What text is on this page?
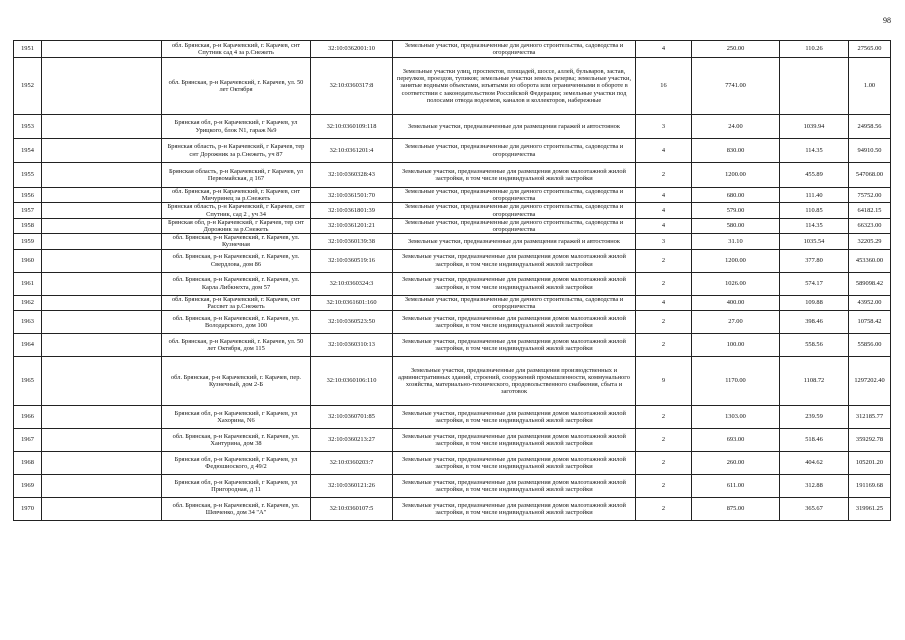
98
1951		обл. Брянская, р-н Карачевский, г. Карачев, снт Спутник сад 4 за р.Снежеть	32:10:0362001:10	Земельные участки, предназначенные для дачного строительства, садоводства и огородничества	4	250.00	110.26	27565.00
1952		обл. Брянская, р-н Карачевский, г. Карачев, ул. 50 лет Октября	32:10:0360317:8	Земельные участки улиц, проспектов, площадей, шоссе, аллей, бульваров, застав, переулков, проездов, тупиков; земельные участки земель резерва; земельные участки, занятые водными объектами, изъятыми из оборота или ограниченными в обороте в соответствии с законодательством Российской Федерации; земельные участки под полосами отвода водоемов, каналов и коллекторов, набережные	16	7741.00		1.00
1953		Брянская обл, р-н Карачевский, г Карачев, ул Урицкого, блок N1, гараж №9	32:10:0360109:118	Земельные участки, предназначенные для размещения гаражей и автостоянок	3	24.00	1039.94	24958.56
1954		Брянская область, р-н Карачевский, г Карачев, тер снт Дорожник за р.Снежеть, уч 87	32:10:0361201:4	Земельные участки, предназначенные для дачного строительства, садоводства и огородничества	4	830.00	114.35	94910.50
1955		Брянская область, р-н Карачевский, г Карачев, ул Первомайская, д 167	32:10:0360328:43	Земельные участки, предназначенные для размещения домов малоэтажной жилой застройки, в том числе индивидуальной жилой застройки	2	1200.00	455.89	547068.00
1956		обл. Брянская, р-н Карачевский, г. Карачев, снт Мичуринец за р.Снежеть	32:10:0361501:70	Земельные участки, предназначенные для дачного строительства, садоводства и огородничества	4	680.00	111.40	75752.00
1957		Брянская область, р-н Карачевский, г Карачев, снт Спутник, сад 2 , уч 34	32:10:0361801:39	Земельные участки, предназначенные для дачного строительства, садоводства и огородничества	4	579.00	110.85	64182.15
1958		Брянская обл, р-н Карачевский, г Карачев, тер снт Дорожник за р.Снежеть	32:10:0361201:21	Земельные участки, предназначенные для дачного строительства, садоводства и огородничества	4	580.00	114.35	66323.00
1959		обл. Брянская, р-н Карачевский, г. Карачев, ул. Кузнечная	32:10:0360139:38	Земельные участки, предназначенные для размещения гаражей и автостоянок	3	31.10	1035.54	32205.29
1960		обл. Брянская, р-н Карачевский, г. Карачев, ул. Свердлова, дом 86	32:10:0360519:16	Земельные участки, предназначенные для размещения домов малоэтажной жилой застройки, в том числе индивидуальной жилой застройки	2	1200.00	377.80	453360.00
1961		обл. Брянская, р-н Карачевский, г. Карачев, ул. Карла Либкнехта, дом 57	32:10:0360324:3	Земельные участки, предназначенные для размещения домов малоэтажной жилой застройки, в том числе индивидуальной жилой застройки	2	1026.00	574.17	589098.42
1962		обл. Брянская, р-н Карачевский, г. Карачев, снт Рассвет за р.Снежеть	32:10:0361601:160	Земельные участки, предназначенные для дачного строительства, садоводства и огородничества	4	400.00	109.88	43952.00
1963		обл. Брянская, р-н Карачевский, г. Карачев, ул. Володарского, дом 100	32:10:0360523:50	Земельные участки, предназначенные для размещения домов малоэтажной жилой застройки, в том числе индивидуальной жилой застройки	2	27.00	398.46	10758.42
1964		обл. Брянская, р-н Карачевский, г. Карачев, ул. 50 лет Октября, дом 115	32:10:0360310:13	Земельные участки, предназначенные для размещения домов малоэтажной жилой застройки, в том числе индивидуальной жилой застройки	2	100.00	558.56	55856.00
1965		обл. Брянская, р-н Карачевский, г. Карачев, пер. Кузнечный, дом 2-Б	32:10:0360106:110	Земельные участки, предназначенные для размещения производственных и административных зданий, строений, сооружений промышленности, коммунального хозяйства, материально-технического, продовольственного снабжения, сбыта и заготовок	9	1170.00	1108.72	1297202.40
1966		Брянская обл, р-н Карачевский, г Карачев, ул Хахорина, N6	32:10:0360701:85	Земельные участки, предназначенные для размещения домов малоэтажной жилой застройки, в том числе индивидуальной жилой застройки	2	1303.00	239.59	312185.77
1967		обл. Брянская, р-н Карачевский, г. Карачев, ул. Хантурина, дом 38	32:10:0360213:27	Земельные участки, предназначенные для размещения домов малоэтажной жилой застройки, в том числе индивидуальной жилой застройки	2	693.00	518.46	359292.78
1968		Брянская обл, р-н Карачевский, г Карачев, ул Федюшиоского, д 49/2	32:10:0360203:7	Земельные участки, предназначенные для размещения домов малоэтажной жилой застройки, в том числе индивидуальной жилой застройки	2	260.00	404.62	105201.20
1969		Брянская обл, р-н Карачевский, г Карачев, ул Пригородная, д 11	32:10:0360121:26	Земельные участки, предназначенные для размещения домов малоэтажной жилой застройки, в том числе индивидуальной жилой застройки	2	611.00	312.88	191169.68
1970		обл. Брянская, р-н Карачевский, г. Карачев, ул. Шевченко, дом 34 "А"	32:10:0360107:5	Земельные участки, предназначенные для размещения домов малоэтажной жилой застройки, в том числе индивидуальной жилой застройки	2	875.00	365.67	319961.25
